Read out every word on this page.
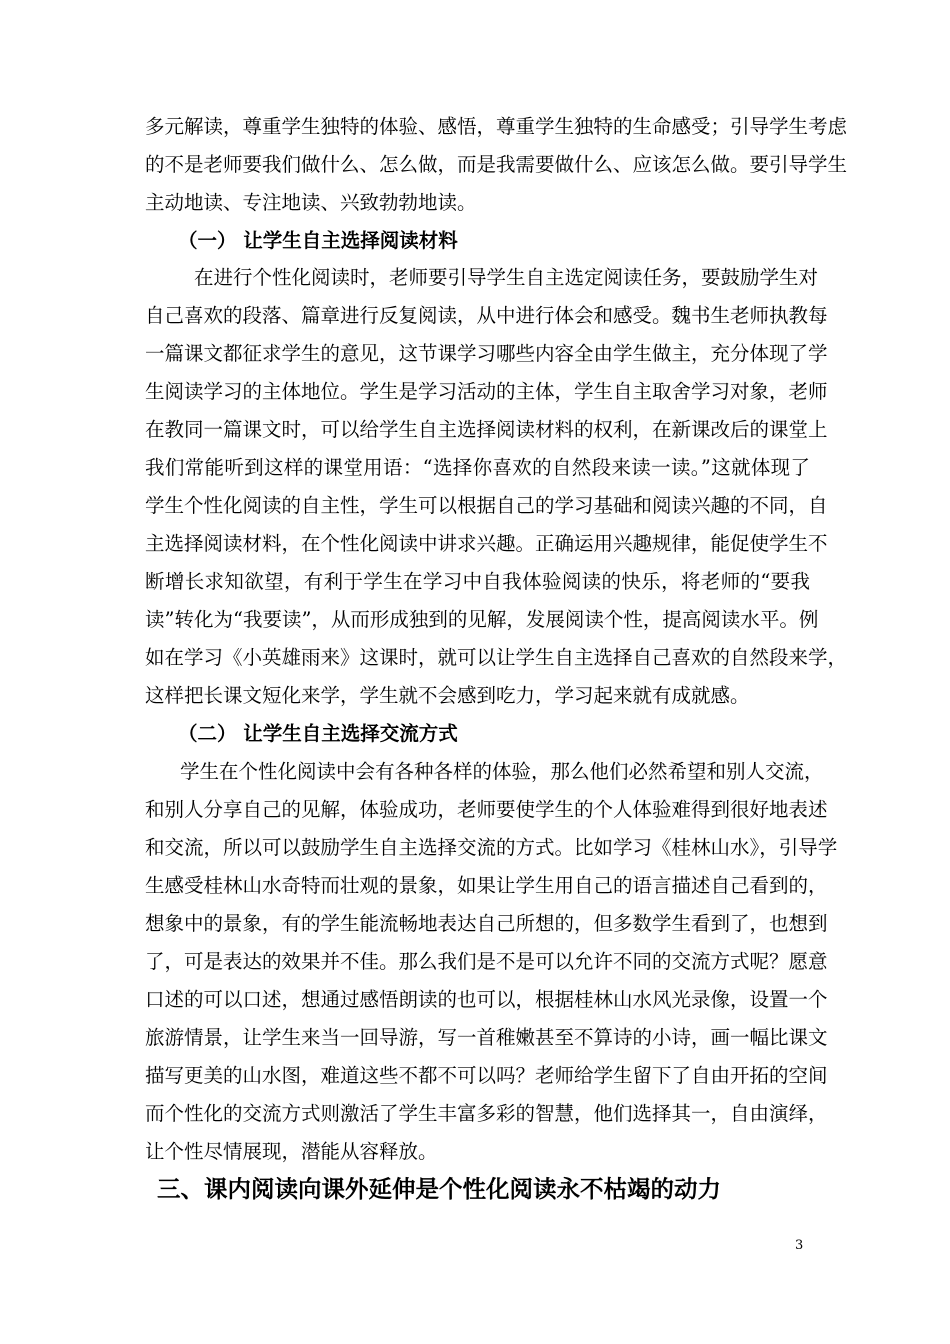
多元解读，尊重学生独特的体验、感悟，尊重学生独特的生命感受；引导学生考虑
的不是老师要我们做什么、怎么做，而是我需要做什么、应该怎么做。要引导学生
主动地读、专注地读、兴致勃勃地读。
（一） 让学生自主选择阅读材料
在进行个性化阅读时，老师要引导学生自主选定阅读任务，要鼓励学生对
自己喜欢的段落、篇章进行反复阅读，从中进行体会和感受。魏书生老师执教每
一篇课文都征求学生的意见，这节课学习哪些内容全由学生做主，充分体现了学
生阅读学习的主体地位。学生是学习活动的主体，学生自主取舍学习对象，老师
在教同一篇课文时，可以给学生自主选择阅读材料的权利，在新课改后的课堂上
我们常能听到这样的课堂用语：“选择你喜欢的自然段来读一读。”这就体现了
学生个性化阅读的自主性，学生可以根据自己的学习基础和阅读兴趣的不同，自
主选择阅读材料，在个性化阅读中讲求兴趣。正确运用兴趣规律，能促使学生不
断增长求知欲望，有利于学生在学习中自我体验阅读的快乐，将老师的“要我
读”转化为“我要读”，从而形成独到的见解，发展阅读个性，提高阅读水平。例
如在学习《小英雄雨来》这课时，就可以让学生自主选择自己喜欢的自然段来学，
这样把长课文短化来学，学生就不会感到吃力，学习起来就有成就感。
（二） 让学生自主选择交流方式
学生在个性化阅读中会有各种各样的体验，那么他们必然希望和别人交流，
和别人分享自己的见解，体验成功，老师要使学生的个人体验难得到很好地表述
和交流，所以可以鼓励学生自主选择交流的方式。比如学习《桂林山水》，引导学
生感受桂林山水奇特而壮观的景象，如果让学生用自己的语言描述自己看到的，
想象中的景象，有的学生能流畅地表达自己所想的，但多数学生看到了，也想到
了，可是表达的效果并不佳。那么我们是不是可以允许不同的交流方式呢？愿意
口述的可以口述，想通过感悟朗读的也可以，根据桂林山水风光录像，设置一个
旅游情景，让学生来当一回导游，写一首稚嫩甚至不算诗的小诗，画一幅比课文
描写更美的山水图，难道这些不都不可以吗？老师给学生留下了自由开拓的空间
而个性化的交流方式则激活了学生丰富多彩的智慧，他们选择其一，自由演绎，
让个性尽情展现，潜能从容释放。
三、课内阅读向课外延伸是个性化阅读永不枯竭的动力
3
